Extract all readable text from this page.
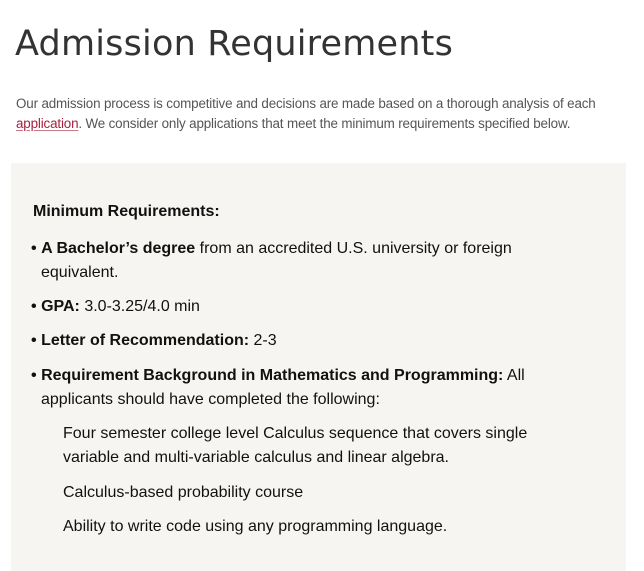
Admission Requirements

Our admission process is competitive and decisions are made based on a thorough analysis of each application. We consider only applications that meet the minimum requirements specified below.

Minimum Requirements:
• A Bachelor’s degree from an accredited U.S. university or foreign
equivalent.
• GPA: 3.0-3.25/4.0 min
• Letter of Recommendation: 2-3
• Requirement Background in Mathematics and Programming: All
applicants should have completed the following:

Four semester college level Calculus sequence that covers single
variable and multi-variable calculus and linear algebra.

Calculus-based probability course

Ability to write code using any programming language.
